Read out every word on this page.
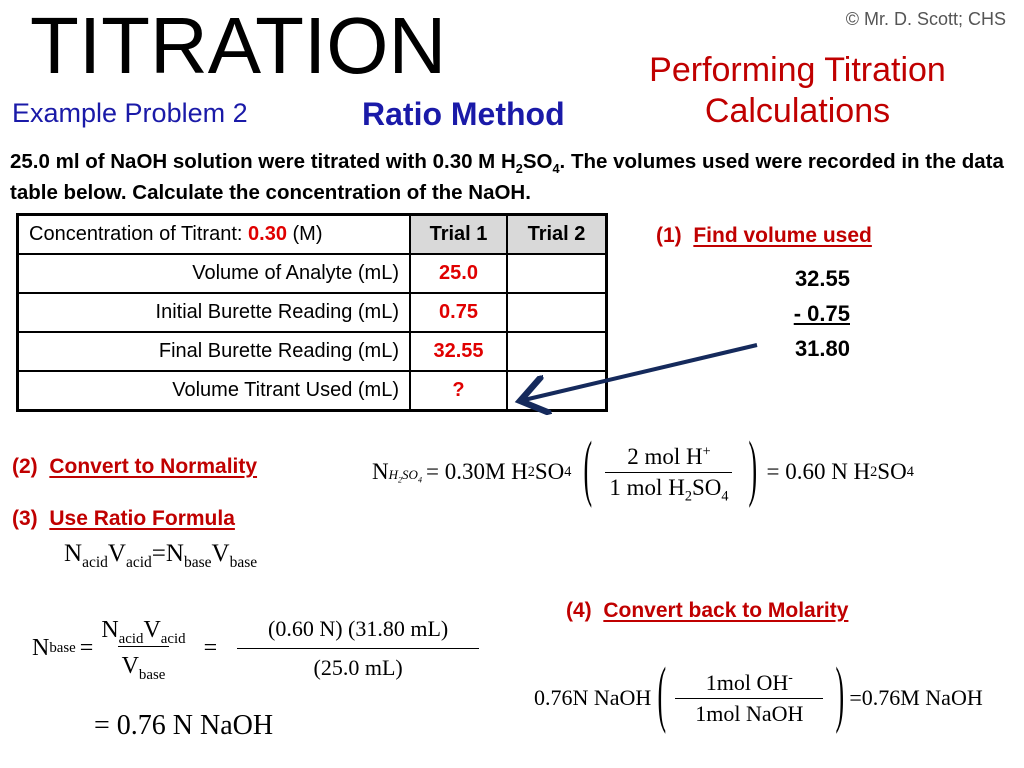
TITRATION	© Mr. D. Scott; CHS
Performing Titration Calculations
Example Problem 2	Ratio Method
25.0 ml of NaOH solution were titrated with 0.30 M $H_2SO_4$. The volumes used were recorded in the data table below. Calculate the concentration of the NaOH.
Concentration of Titrant: 0.30 (M)	Trial 1	Trial 2
Volume of Analyte (mL)	25.0	
Initial Burette Reading (mL)	0.75	
Final Burette Reading (mL)	32.55	
Volume Titrant Used (mL)	?	
(1) Find volume used
32.55
- 0.75
31.80
(2) Convert to Normality	N $_{H_2SO_4}$ = 0.30M H 2 SO 4 ( $\frac{2 mol H^+}{1 mol H_2SO_4}$ ) = 0.60 N H 2 SO 4
(3) Use Ratio Formula
$N_{acid}V_{acid}=N_{base}V_{base}$
N base = $\frac{N_{acid}V_{acid}}{V_{base}} = \frac{(0.60 N) (31.80 mL)}{(25.0 mL)}$
= 0.76 N NaOH
(4) Convert back to Molarity
0.76N NaOH ( $\frac{1mol OH^-}{\text{1mol NaOH}}$ ) =0.76M NaOH
